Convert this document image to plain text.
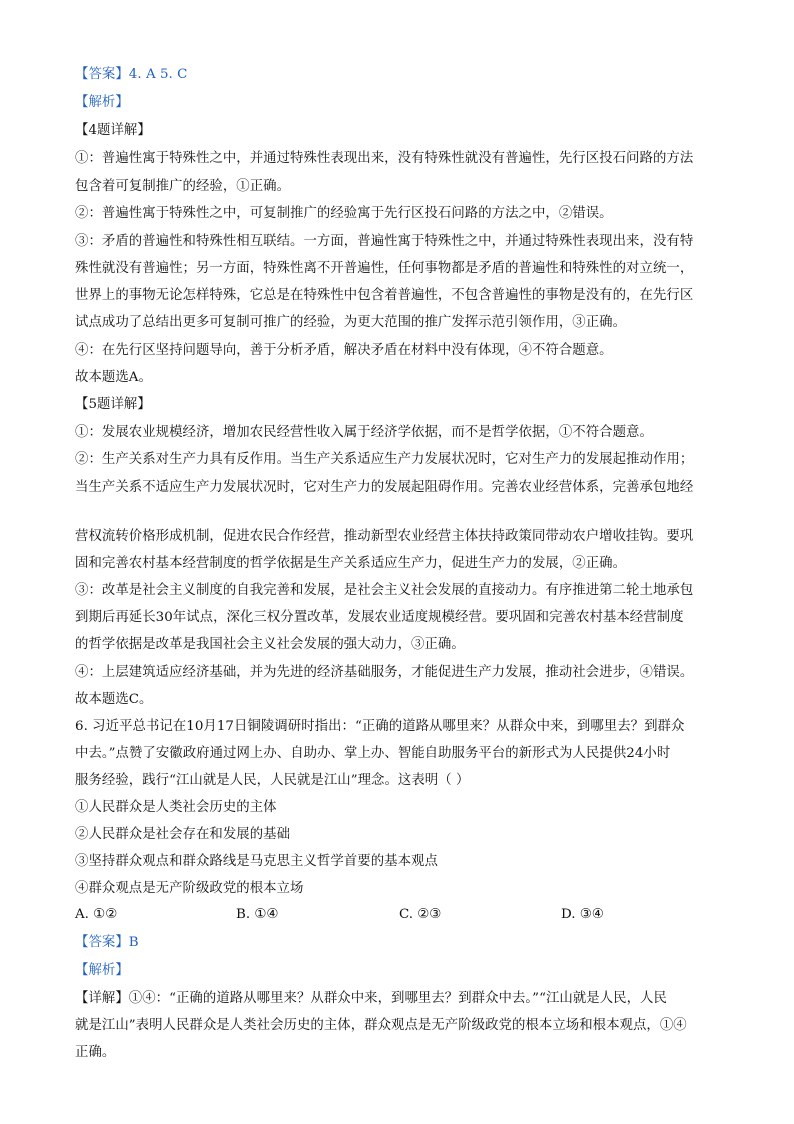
【答案】4. A 5. C
【解析】
【4题详解】
①：普遍性寓于特殊性之中，并通过特殊性表现出来，没有特殊性就没有普遍性，先行区投石问路的方法
包含着可复制推广的经验，①正确。
②：普遍性寓于特殊性之中，可复制推广的经验寓于先行区投石问路的方法之中，②错误。
③：矛盾的普遍性和特殊性相互联结。一方面，普遍性寓于特殊性之中，并通过特殊性表现出来，没有特
殊性就没有普遍性；另一方面，特殊性离不开普遍性，任何事物都是矛盾的普遍性和特殊性的对立统一，
世界上的事物无论怎样特殊，它总是在特殊性中包含着普遍性，不包含普遍性的事物是没有的，在先行区
试点成功了总结出更多可复制可推广的经验，为更大范围的推广发挥示范引领作用，③正确。
④：在先行区坚持问题导向，善于分析矛盾，解决矛盾在材料中没有体现，④不符合题意。
故本题选A。
【5题详解】
①：发展农业规模经济，增加农民经营性收入属于经济学依据，而不是哲学依据，①不符合题意。
②：生产关系对生产力具有反作用。当生产关系适应生产力发展状况时，它对生产力的发展起推动作用；
当生产关系不适应生产力发展状况时，它对生产力的发展起阻碍作用。完善农业经营体系，完善承包地经
营权流转价格形成机制，促进农民合作经营，推动新型农业经营主体扶持政策同带动农户增收挂钩。要巩
固和完善农村基本经营制度的哲学依据是生产关系适应生产力，促进生产力的发展，②正确。
③：改革是社会主义制度的自我完善和发展，是社会主义社会发展的直接动力。有序推进第二轮土地承包
到期后再延长30年试点，深化三权分置改革，发展农业适度规模经营。要巩固和完善农村基本经营制度
的哲学依据是改革是我国社会主义社会发展的强大动力，③正确。
④：上层建筑适应经济基础，并为先进的经济基础服务，才能促进生产力发展，推动社会进步，④错误。
故本题选C。
6. 习近平总书记在10月17日铜陵调研时指出：“正确的道路从哪里来？从群众中来，到哪里去？到群众
中去。”点赞了安徽政府通过网上办、自助办、掌上办、智能自助服务平台的新形式为人民提供24小时
服务经验，践行“江山就是人民，人民就是江山”理念。这表明（ ）
①人民群众是人类社会历史的主体
②人民群众是社会存在和发展的基础
③坚持群众观点和群众路线是马克思主义哲学首要的基本观点
④群众观点是无产阶级政党的根本立场
A. ①②	B. ①④	C. ②③	D. ③④
【答案】B
【解析】
【详解】①④：“正确的道路从哪里来？从群众中来，到哪里去？到群众中去。”“江山就是人民，人民
就是江山”表明人民群众是人类社会历史的主体，群众观点是无产阶级政党的根本立场和根本观点，①④
正确。
